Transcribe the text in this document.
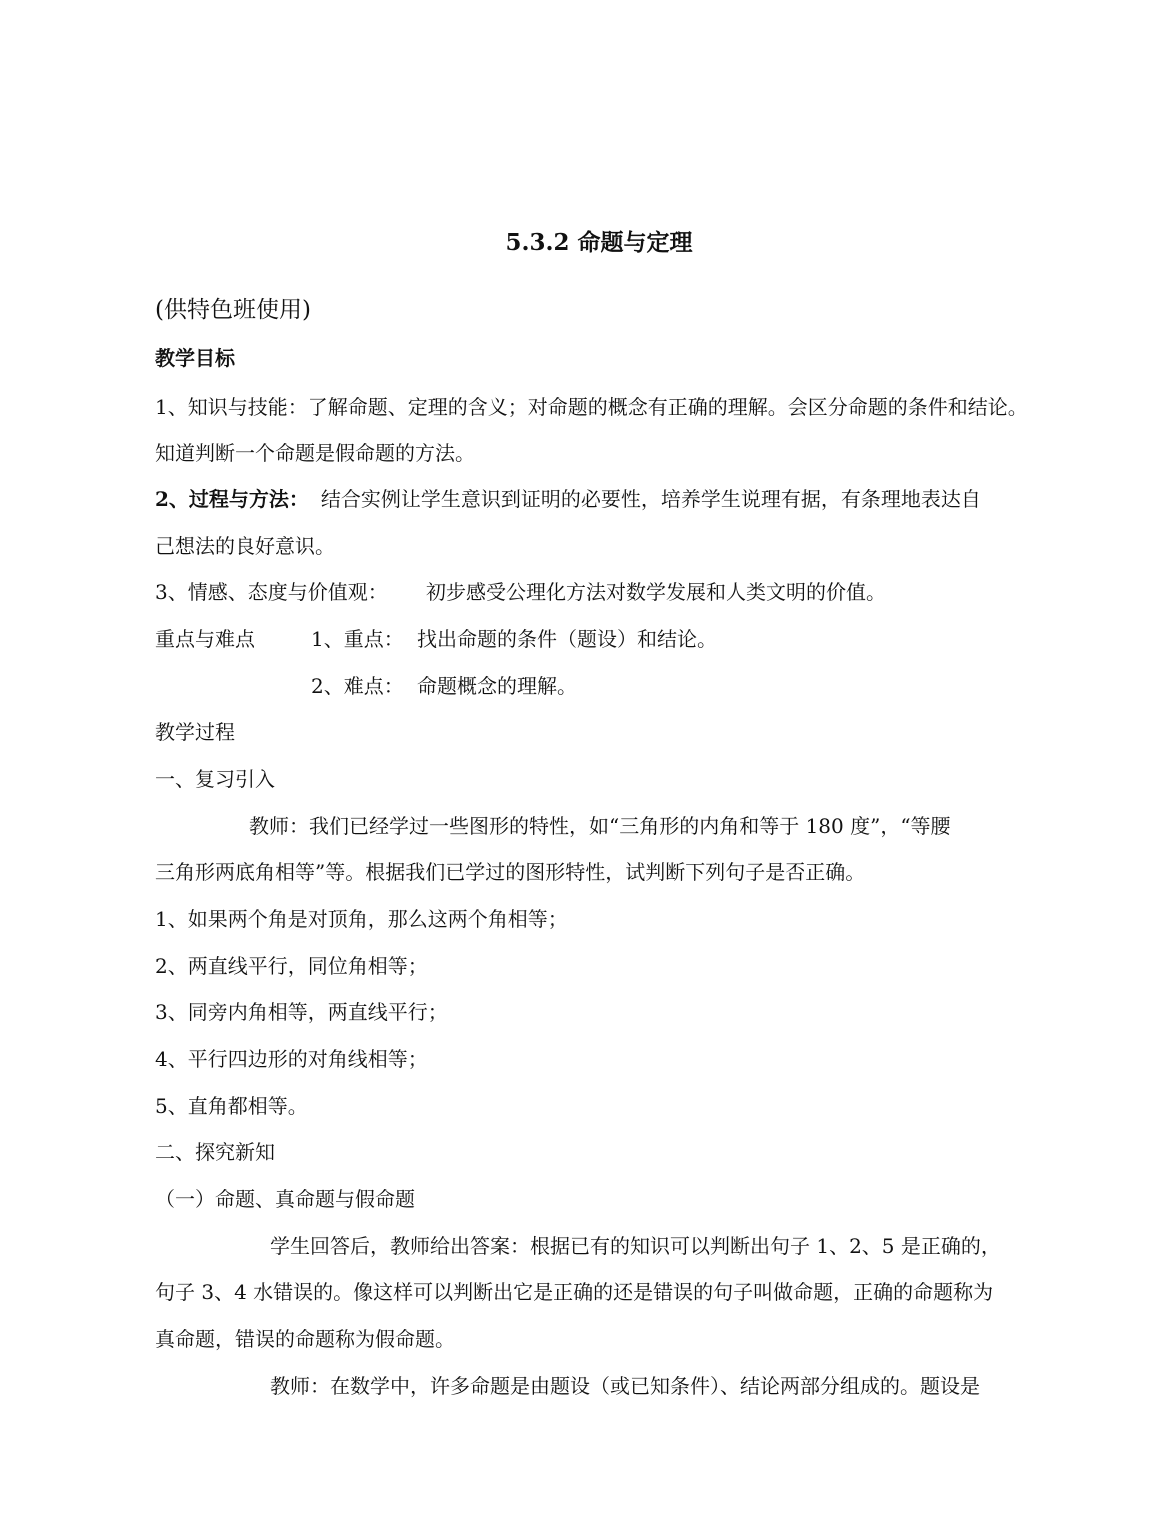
5.3.2 命题与定理
(供特色班使用)
教学目标
1、知识与技能：了解命题、定理的含义；对命题的概念有正确的理解。会区分命题的条件和结论。
知道判断一个命题是假命题的方法。
2、过程与方法： 结合实例让学生意识到证明的必要性，培养学生说理有据，有条理地表达自
己想法的良好意识。
3、情感、态度与价值观： 初步感受公理化方法对数学发展和人类文明的价值。
重点与难点	1、重点： 找出命题的条件（题设）和结论。
2、难点： 命题概念的理解。
教学过程
一、复习引入
教师：我们已经学过一些图形的特性，如“三角形的内角和等于 180 度”，“等腰
三角形两底角相等”等。根据我们已学过的图形特性，试判断下列句子是否正确。
1、如果两个角是对顶角，那么这两个角相等；
2、两直线平行，同位角相等；
3、同旁内角相等，两直线平行；
4、平行四边形的对角线相等；
5、直角都相等。
二、探究新知
（一）命题、真命题与假命题
学生回答后，教师给出答案：根据已有的知识可以判断出句子 1、2、5 是正确的，
句子 3、4 水错误的。像这样可以判断出它是正确的还是错误的句子叫做命题，正确的命题称为
真命题，错误的命题称为假命题。
教师：在数学中，许多命题是由题设（或已知条件）、结论两部分组成的。题设是
